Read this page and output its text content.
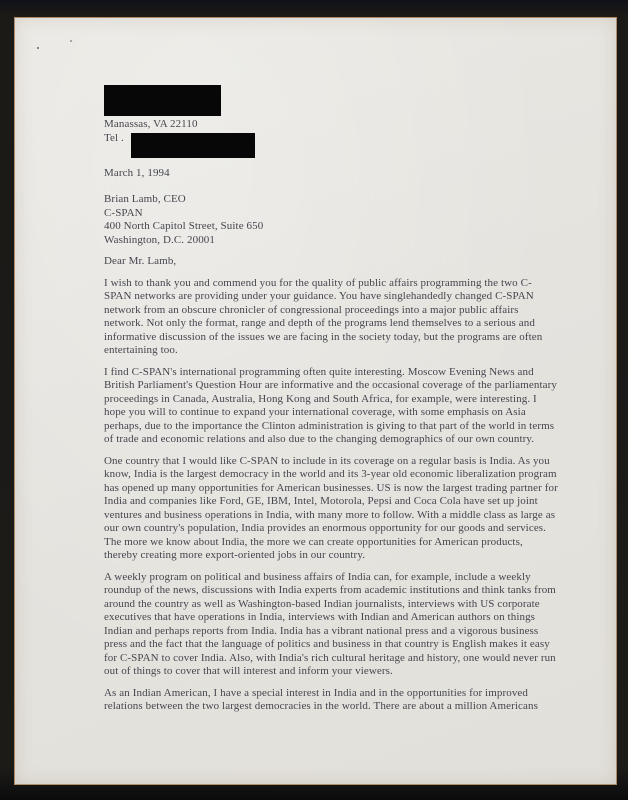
Manassas, VA 22110
Tel .
March 1, 1994
Brian Lamb, CEO
C-SPAN
400 North Capitol Street, Suite 650
Washington, D.C. 20001
Dear Mr. Lamb,

I wish to thank you and commend you for the quality of public affairs programming the two C-SPAN networks are providing under your guidance. You have singlehandedly changed C-SPAN network from an obscure chronicler of congressional proceedings into a major public affairs network. Not only the format, range and depth of the programs lend themselves to a serious and informative discussion of the issues we are facing in the society today, but the programs are often entertaining too.

I find C-SPAN's international programming often quite interesting. Moscow Evening News and British Parliament's Question Hour are informative and the occasional coverage of the parliamentary proceedings in Canada, Australia, Hong Kong and South Africa, for example, were interesting. I hope you will to continue to expand your international coverage, with some emphasis on Asia perhaps, due to the importance the Clinton administration is giving to that part of the world in terms of trade and economic relations and also due to the changing demographics of our own country.

One country that I would like C-SPAN to include in its coverage on a regular basis is India. As you know, India is the largest democracy in the world and its 3-year old economic liberalization program has opened up many opportunities for American businesses. US is now the largest trading partner for India and companies like Ford, GE, IBM, Intel, Motorola, Pepsi and Coca Cola have set up joint ventures and business operations in India, with many more to follow. With a middle class as large as our own country's population, India provides an enormous opportunity for our goods and services. The more we know about India, the more we can create opportunities for American products, thereby creating more export-oriented jobs in our country.

A weekly program on political and business affairs of India can, for example, include a weekly roundup of the news, discussions with India experts from academic institutions and think tanks from around the country as well as Washington-based Indian journalists, interviews with US corporate executives that have operations in India, interviews with Indian and American authors on things Indian and perhaps reports from India. India has a vibrant national press and a vigorous business press and the fact that the language of politics and business in that country is English makes it easy for C-SPAN to cover India. Also, with India's rich cultural heritage and history, one would never run out of things to cover that will interest and inform your viewers.

As an Indian American, I have a special interest in India and in the opportunities for improved relations between the two largest democracies in the world. There are about a million Americans
